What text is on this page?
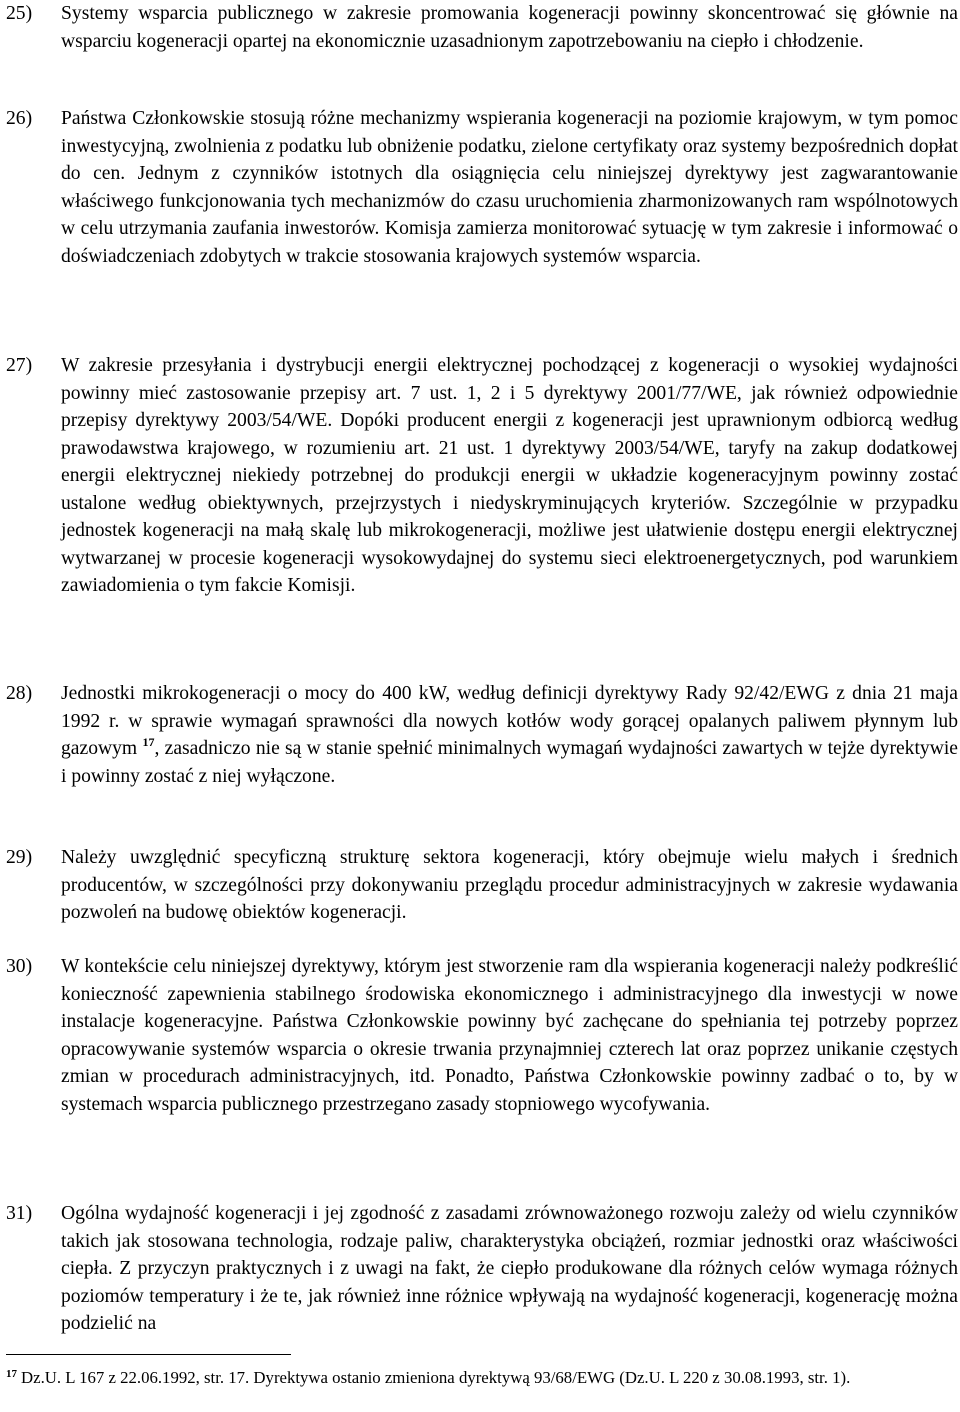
25) Systemy wsparcia publicznego w zakresie promowania kogeneracji powinny skoncentrować się głównie na wsparciu kogeneracji opartej na ekonomicznie uzasadnionym zapotrzebowaniu na ciepło i chłodzenie.
26) Państwa Członkowskie stosują różne mechanizmy wspierania kogeneracji na poziomie krajowym, w tym pomoc inwestycyjną, zwolnienia z podatku lub obniżenie podatku, zielone certyfikaty oraz systemy bezpośrednich dopłat do cen. Jednym z czynników istotnych dla osiągnięcia celu niniejszej dyrektywy jest zagwarantowanie właściwego funkcjonowania tych mechanizmów do czasu uruchomienia zharmonizowanych ram wspólnotowych w celu utrzymania zaufania inwestorów. Komisja zamierza monitorować sytuację w tym zakresie i informować o doświadczeniach zdobytych w trakcie stosowania krajowych systemów wsparcia.
27) W zakresie przesyłania i dystrybucji energii elektrycznej pochodzącej z kogeneracji o wysokiej wydajności powinny mieć zastosowanie przepisy art. 7 ust. 1, 2 i 5 dyrektywy 2001/77/WE, jak również odpowiednie przepisy dyrektywy 2003/54/WE. Dopóki producent energii z kogeneracji jest uprawnionym odbiorcą według prawodawstwa krajowego, w rozumieniu art. 21 ust. 1 dyrektywy 2003/54/WE, taryfy na zakup dodatkowej energii elektrycznej niekiedy potrzebnej do produkcji energii w układzie kogeneracyjnym powinny zostać ustalone według obiektywnych, przejrzystych i niedyskryminujących kryteriów. Szczególnie w przypadku jednostek kogeneracji na małą skalę lub mikrokogeneracji, możliwe jest ułatwienie dostępu energii elektrycznej wytwarzanej w procesie kogeneracji wysokowydajnej do systemu sieci elektroenergetycznych, pod warunkiem zawiadomienia o tym fakcie Komisji.
28) Jednostki mikrokogeneracji o mocy do 400 kW, według definicji dyrektywy Rady 92/42/EWG z dnia 21 maja 1992 r. w sprawie wymagań sprawności dla nowych kotłów wody gorącej opalanych paliwem płynnym lub gazowym $^{17}$, zasadniczo nie są w stanie spełnić minimalnych wymagań wydajności zawartych w tejże dyrektywie i powinny zostać z niej wyłączone.
29) Należy uwzględnić specyficzną strukturę sektora kogeneracji, który obejmuje wielu małych i średnich producentów, w szczególności przy dokonywaniu przeglądu procedur administracyjnych w zakresie wydawania pozwoleń na budowę obiektów kogeneracji.
30) W kontekście celu niniejszej dyrektywy, którym jest stworzenie ram dla wspierania kogeneracji należy podkreślić konieczność zapewnienia stabilnego środowiska ekonomicznego i administracyjnego dla inwestycji w nowe instalacje kogeneracyjne. Państwa Członkowskie powinny być zachęcane do spełniania tej potrzeby poprzez opracowywanie systemów wsparcia o okresie trwania przynajmniej czterech lat oraz poprzez unikanie częstych zmian w procedurach administracyjnych, itd. Ponadto, Państwa Członkowskie powinny zadbać o to, by w systemach wsparcia publicznego przestrzegano zasady stopniowego wycofywania.
31) Ogólna wydajność kogeneracji i jej zgodność z zasadami zrównoważonego rozwoju zależy od wielu czynników takich jak stosowana technologia, rodzaje paliw, charakterystyka obciążeń, rozmiar jednostki oraz właściwości ciepła. Z przyczyn praktycznych i z uwagi na fakt, że ciepło produkowane dla różnych celów wymaga różnych poziomów temperatury i że te, jak również inne różnice wpływają na wydajność kogeneracji, kogenerację można podzielić na
$^{17}$ Dz.U. L 167 z 22.06.1992, str. 17. Dyrektywa ostanio zmieniona dyrektywą 93/68/EWG (Dz.U. L 220 z 30.08.1993, str. 1).
